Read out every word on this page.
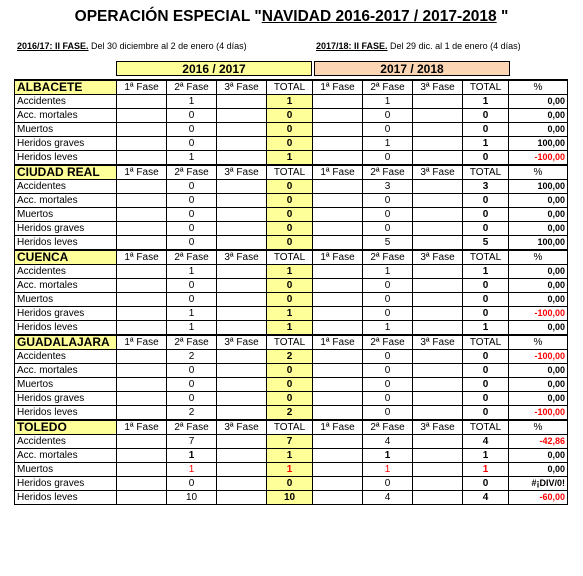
OPERACIÓN ESPECIAL "NAVIDAD 2016-2017 / 2017-2018 "
2016/17: II FASE. Del 30 diciembre al 2 de enero (4 días)	2017/18: II FASE. Del 29 dic. al 1 de enero (4 días)
2016 / 2017	2017 / 2018
ALBACETE	1ª Fase	2ª Fase	3ª Fase	TOTAL	1ª Fase	2ª Fase	3ª Fase	TOTAL	%
Accidentes		1		1		1		1	0,00
Acc. mortales		0		0		0		0	0,00
Muertos		0		0		0		0	0,00
Heridos graves		0		0		1		1	100,00
Heridos leves		1		1		0		0	-100,00
CIUDAD REAL	1ª Fase	2ª Fase	3ª Fase	TOTAL	1ª Fase	2ª Fase	3ª Fase	TOTAL	%
Accidentes		0		0		3		3	100,00
Acc. mortales		0		0		0		0	0,00
Muertos		0		0		0		0	0,00
Heridos graves		0		0		0		0	0,00
Heridos leves		0		0		5		5	100,00
CUENCA	1ª Fase	2ª Fase	3ª Fase	TOTAL	1ª Fase	2ª Fase	3ª Fase	TOTAL	%
Accidentes		1		1		1		1	0,00
Acc. mortales		0		0		0		0	0,00
Muertos		0		0		0		0	0,00
Heridos graves		1		1		0		0	-100,00
Heridos leves		1		1		1		1	0,00
GUADALAJARA	1ª Fase	2ª Fase	3ª Fase	TOTAL	1ª Fase	2ª Fase	3ª Fase	TOTAL	%
Accidentes		2		2		0		0	-100,00
Acc. mortales		0		0		0		0	0,00
Muertos		0		0		0		0	0,00
Heridos graves		0		0		0		0	0,00
Heridos leves		2		2		0		0	-100,00
TOLEDO	1ª Fase	2ª Fase	3ª Fase	TOTAL	1ª Fase	2ª Fase	3ª Fase	TOTAL	%
Accidentes		7		7		4		4	-42,86
Acc. mortales		1		1		1		1	0,00
Muertos		1		1		1		1	0,00
Heridos graves		0		0		0		0	#¡DIV/0!
Heridos leves		10		10		4		4	-60,00
